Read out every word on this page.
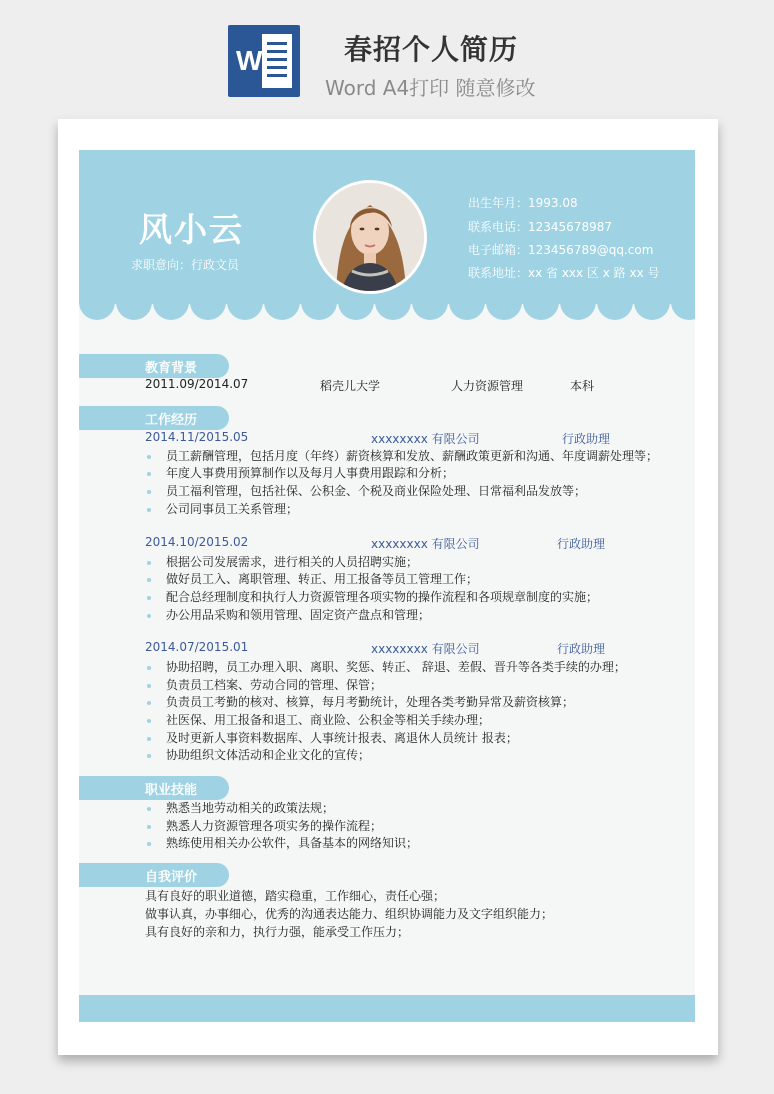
W	春招个人简历
Word A4打印 随意修改
风小云
求职意向：行政文员
出生年月：1993.08
联系电话：12345678987
电子邮箱：123456789@qq.com
联系地址：xx 省 xxx 区 x 路 xx 号
教育背景
2011.09/2014.07	稻壳儿大学	人力资源管理	本科
工作经历
2014.11/2015.05	xxxxxxxx 有限公司	行政助理
员工薪酬管理，包括月度（年终）薪资核算和发放、薪酬政策更新和沟通、年度调薪处理等；
年度人事费用预算制作以及每月人事费用跟踪和分析；
员工福利管理，包括社保、公积金、个税及商业保险处理、日常福利品发放等；
公司同事员工关系管理；
2014.10/2015.02	xxxxxxxx 有限公司	行政助理
根据公司发展需求，进行相关的人员招聘实施；
做好员工入、离职管理、转正、用工报备等员工管理工作；
配合总经理制度和执行人力资源管理各项实物的操作流程和各项规章制度的实施；
办公用品采购和领用管理、固定资产盘点和管理；
2014.07/2015.01	xxxxxxxx 有限公司	行政助理
协助招聘，员工办理入职、离职、奖惩、转正、 辞退、差假、晋升等各类手续的办理；
负责员工档案、劳动合同的管理、保管；
负责员工考勤的核对、核算，每月考勤统计，处理各类考勤异常及薪资核算；
社医保、用工报备和退工、商业险、公积金等相关手续办理；
及时更新人事资料数据库、人事统计报表、离退休人员统计 报表；
协助组织文体活动和企业文化的宣传；
职业技能
熟悉当地劳动相关的政策法规；
熟悉人力资源管理各项实务的操作流程；
熟练使用相关办公软件，具备基本的网络知识；
自我评价
具有良好的职业道德，踏实稳重，工作细心，责任心强；
做事认真，办事细心，优秀的沟通表达能力、组织协调能力及文字组织能力；
具有良好的亲和力，执行力强，能承受工作压力；
